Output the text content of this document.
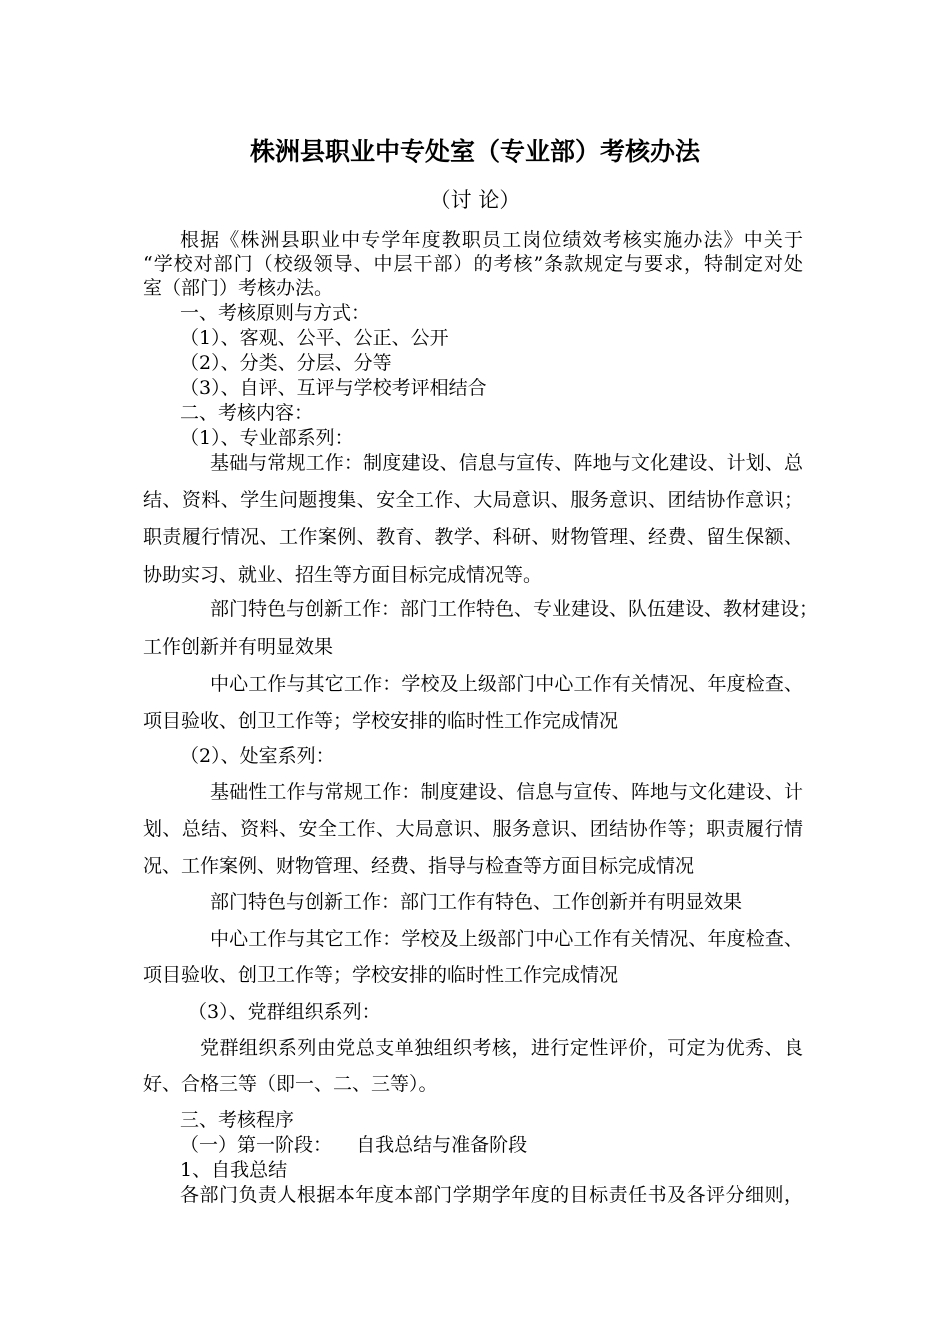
株洲县职业中专处室（专业部）考核办法
（讨 论）
根据《株洲县职业中专学年度教职员工岗位绩效考核实施办法》中关于
“学校对部门（校级领导、中层干部）的考核”条款规定与要求，特制定对处
室（部门）考核办法。
一、考核原则与方式：
（1）、客观、公平、公正、公开
（2）、分类、分层、分等
（3）、自评、互评与学校考评相结合
二、考核内容：
（1）、专业部系列：
基础与常规工作：制度建设、信息与宣传、阵地与文化建设、计划、总
结、资料、学生问题搜集、安全工作、大局意识、服务意识、团结协作意识；
职责履行情况、工作案例、教育、教学、科研、财物管理、经费、留生保额、
协助实习、就业、招生等方面目标完成情况等。
部门特色与创新工作：部门工作特色、专业建设、队伍建设、教材建设；
工作创新并有明显效果
中心工作与其它工作：学校及上级部门中心工作有关情况、年度检查、
项目验收、创卫工作等；学校安排的临时性工作完成情况
（2）、处室系列：
基础性工作与常规工作：制度建设、信息与宣传、阵地与文化建设、计
划、总结、资料、安全工作、大局意识、服务意识、团结协作等；职责履行情
况、工作案例、财物管理、经费、指导与检查等方面目标完成情况
部门特色与创新工作：部门工作有特色、工作创新并有明显效果
中心工作与其它工作：学校及上级部门中心工作有关情况、年度检查、
项目验收、创卫工作等；学校安排的临时性工作完成情况
（3）、党群组织系列：
党群组织系列由党总支单独组织考核，进行定性评价，可定为优秀、良
好、合格三等（即一、二、三等）。
三、考核程序
（一）第一阶段：    自我总结与准备阶段
1、自我总结
各部门负责人根据本年度本部门学期学年度的目标责任书及各评分细则，
